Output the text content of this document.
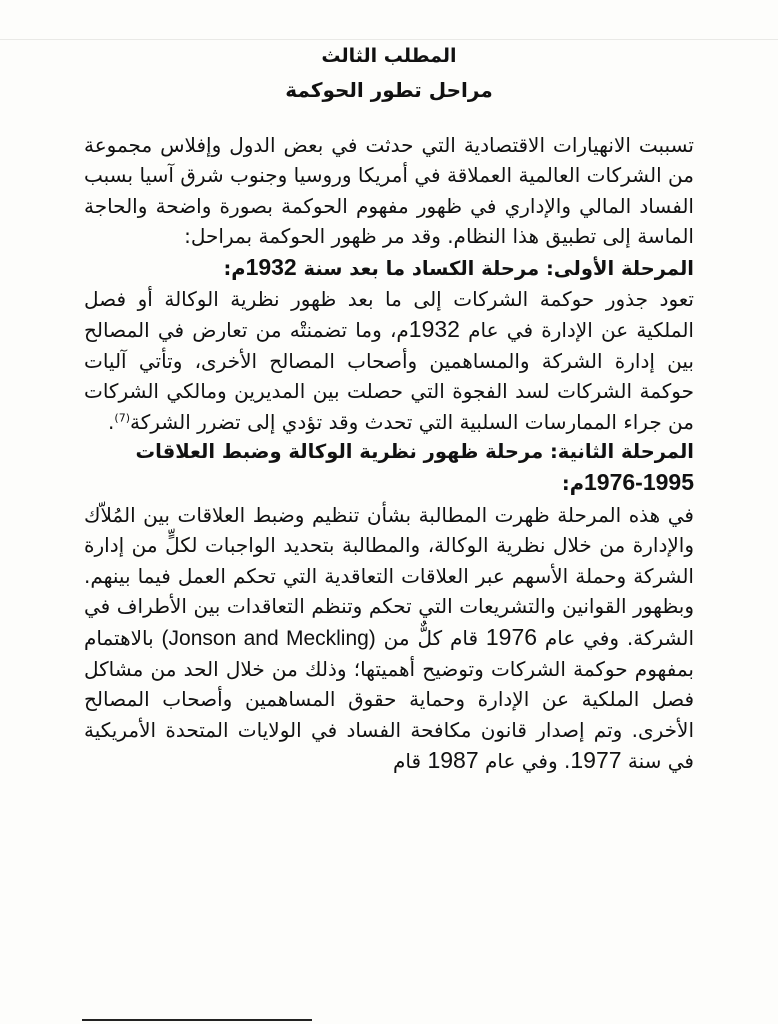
المطلب الثالث
مراحل تطور الحوكمة

تسببت الانهيارات الاقتصادية التي حدثت في بعض الدول وإفلاس مجموعة من الشركات العالمية العملاقة في أمريكا وروسيا وجنوب شرق آسيا بسبب الفساد المالي والإداري في ظهور مفهوم الحوكمة بصورة واضحة والحاجة الماسة إلى تطبيق هذا النظام. وقد مر ظهور الحوكمة بمراحل:

المرحلة الأولى: مرحلة الكساد ما بعد سنة 1932م:

تعود جذور حوكمة الشركات إلى ما بعد ظهور نظرية الوكالة أو فصل الملكية عن الإدارة في عام 1932م، وما تضمنتْه من تعارض في المصالح بين إدارة الشركة والمساهمين وأصحاب المصالح الأخرى، وتأتي آليات حوكمة الشركات لسد الفجوة التي حصلت بين المديرين ومالكي الشركات من جراء الممارسات السلبية التي تحدث وقد تؤدي إلى تضرر الشركة$^{(7)}$.

المرحلة الثانية: مرحلة ظهور نظرية الوكالة وضبط العلاقات
1976-1995م:

في هذه المرحلة ظهرت المطالبة بشأن تنظيم وضبط العلاقات بين المُلاّك والإدارة من خلال نظرية الوكالة، والمطالبة بتحديد الواجبات لكلٍّ من إدارة الشركة وحملة الأسهم عبر العلاقات التعاقدية التي تحكم العمل فيما بينهم. وبظهور القوانين والتشريعات التي تحكم وتنظم التعاقدات بين الأطراف في الشركة. وفي عام 1976 قام كلٌّ من (Jonson and Meckling) بالاهتمام بمفهوم حوكمة الشركات وتوضيح أهميتها؛ وذلك من خلال الحد من مشاكل فصل الملكية عن الإدارة وحماية حقوق المساهمين وأصحاب المصالح الأخرى. وتم إصدار قانون مكافحة الفساد في الولايات المتحدة الأمريكية في سنة 1977. وفي عام 1987 قام
